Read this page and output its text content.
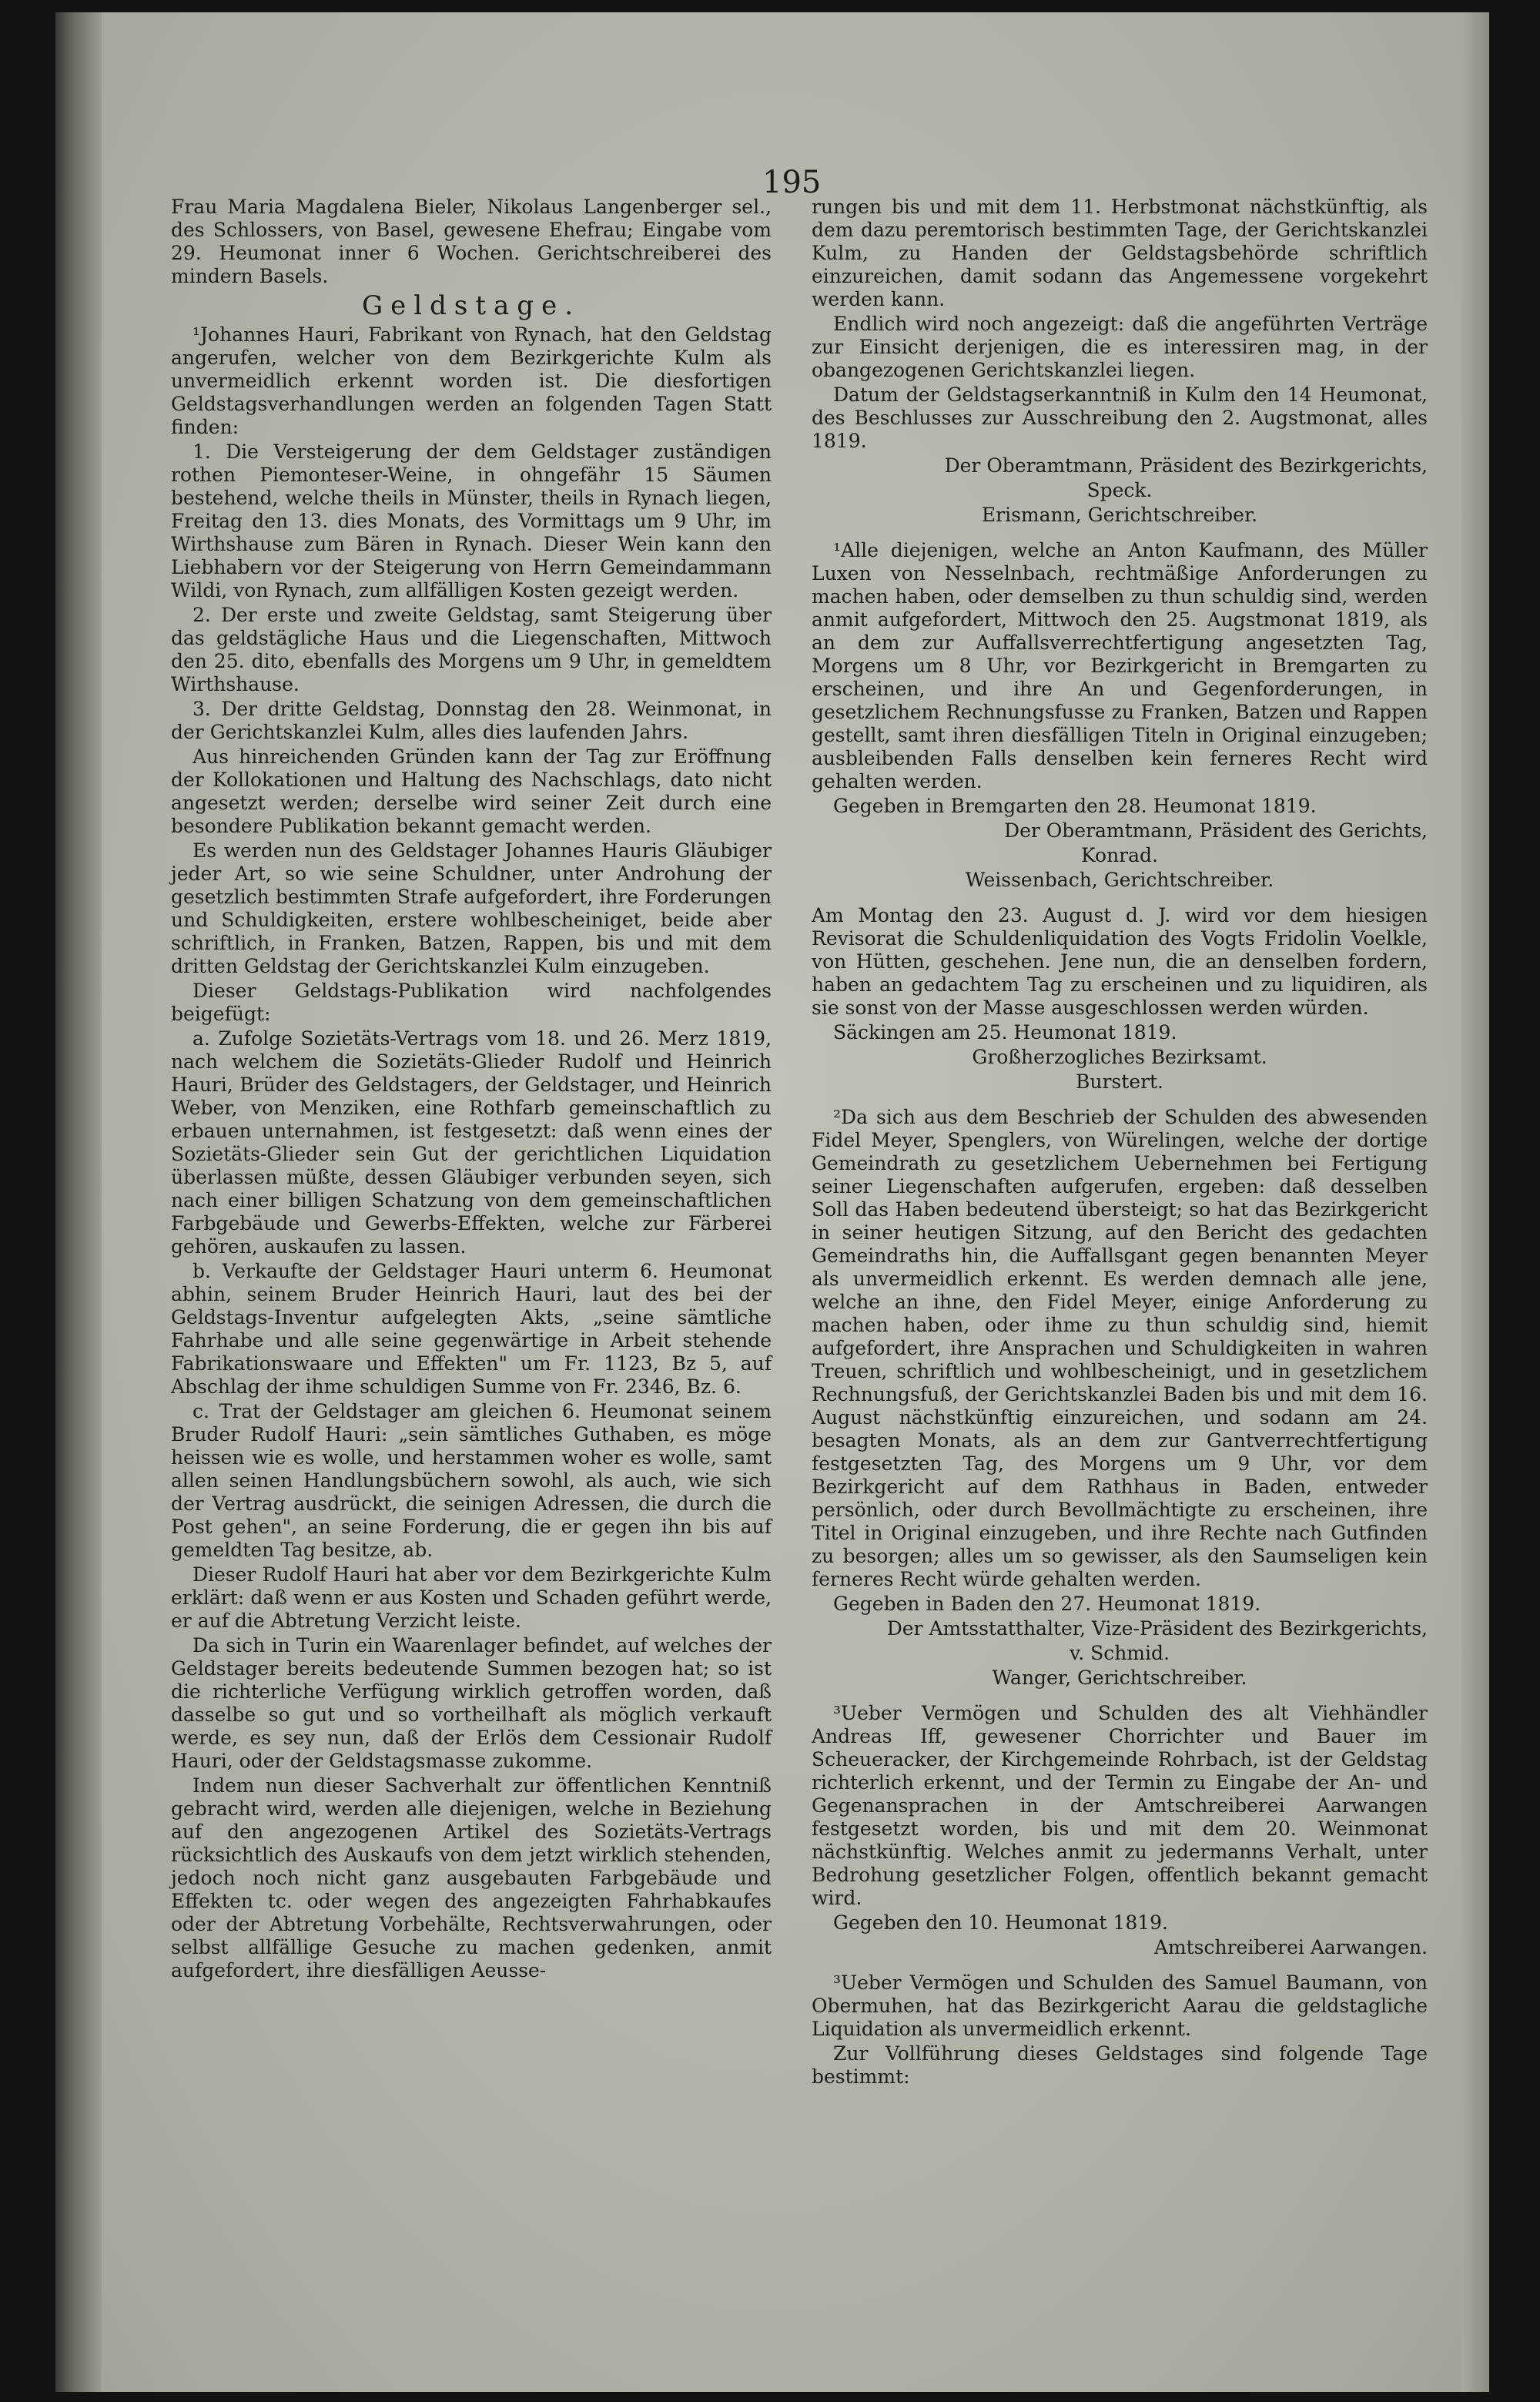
195

Frau Maria Magdalena Bieler, Nikolaus Langenberger sel., des Schlossers, von Basel, gewesene Ehefrau; Eingabe vom 29. Heumonat inner 6 Wochen. Gerichtschreiberei des mindern Basels.

Geldstage.

¹Johannes Hauri, Fabrikant von Rynach, hat den Geldstag angerufen, welcher von dem Bezirkgerichte Kulm als unvermeidlich erkennt worden ist. Die diesfortigen Geldstagsverhandlungen werden an folgenden Tagen Statt finden:

1. Die Versteigerung der dem Geldstager zuständigen rothen Piemonteser-Weine, in ohngefähr 15 Säumen bestehend, welche theils in Münster, theils in Rynach liegen, Freitag den 13. dies Monats, des Vormittags um 9 Uhr, im Wirthshause zum Bären in Rynach. Dieser Wein kann den Liebhabern vor der Steigerung von Herrn Gemeindammann Wildi, von Rynach, zum allfälligen Kosten gezeigt werden.

2. Der erste und zweite Geldstag, samt Steigerung über das geldstägliche Haus und die Liegenschaften, Mittwoch den 25. dito, ebenfalls des Morgens um 9 Uhr, in gemeldtem Wirthshause.

3. Der dritte Geldstag, Donnstag den 28. Weinmonat, in der Gerichtskanzlei Kulm, alles dies laufenden Jahrs.

Aus hinreichenden Gründen kann der Tag zur Eröffnung der Kollokationen und Haltung des Nachschlags, dato nicht angesetzt werden; derselbe wird seiner Zeit durch eine besondere Publikation bekannt gemacht werden.

Es werden nun des Geldstager Johannes Hauris Gläubiger jeder Art, so wie seine Schuldner, unter Androhung der gesetzlich bestimmten Strafe aufgefordert, ihre Forderungen und Schuldigkeiten, erstere wohlbescheiniget, beide aber schriftlich, in Franken, Batzen, Rappen, bis und mit dem dritten Geldstag der Gerichtskanzlei Kulm einzugeben.

Dieser Geldstags-Publikation wird nachfolgendes beigefügt:

a. Zufolge Sozietäts-Vertrags vom 18. und 26. Merz 1819, nach welchem die Sozietäts-Glieder Rudolf und Heinrich Hauri, Brüder des Geldstagers, der Geldstager, und Heinrich Weber, von Menziken, eine Rothfarb gemeinschaftlich zu erbauen unternahmen, ist festgesetzt: daß wenn eines der Sozietäts-Glieder sein Gut der gerichtlichen Liquidation überlassen müßte, dessen Gläubiger verbunden seyen, sich nach einer billigen Schatzung von dem gemeinschaftlichen Farbgebäude und Gewerbs-Effekten, welche zur Färberei gehören, auskaufen zu lassen.

b. Verkaufte der Geldstager Hauri unterm 6. Heumonat abhin, seinem Bruder Heinrich Hauri, laut des bei der Geldstags-Inventur aufgelegten Akts, „seine sämtliche Fahrhabe und alle seine gegenwärtige in Arbeit stehende Fabrikationswaare und Effekten" um Fr. 1123, Bz 5, auf Abschlag der ihme schuldigen Summe von Fr. 2346, Bz. 6.

c. Trat der Geldstager am gleichen 6. Heumonat seinem Bruder Rudolf Hauri: „sein sämtliches Guthaben, es möge heissen wie es wolle, und herstammen woher es wolle, samt allen seinen Handlungsbüchern sowohl, als auch, wie sich der Vertrag ausdrückt, die seinigen Adressen, die durch die Post gehen", an seine Forderung, die er gegen ihn bis auf gemeldten Tag besitze, ab.

Dieser Rudolf Hauri hat aber vor dem Bezirkgerichte Kulm erklärt: daß wenn er aus Kosten und Schaden geführt werde, er auf die Abtretung Verzicht leiste.

Da sich in Turin ein Waarenlager befindet, auf welches der Geldstager bereits bedeutende Summen bezogen hat; so ist die richterliche Verfügung wirklich getroffen worden, daß dasselbe so gut und so vortheilhaft als möglich verkauft werde, es sey nun, daß der Erlös dem Cessionair Rudolf Hauri, oder der Geldstagsmasse zukomme.

Indem nun dieser Sachverhalt zur öffentlichen Kenntniß gebracht wird, werden alle diejenigen, welche in Beziehung auf den angezogenen Artikel des Sozietäts-Vertrags rücksichtlich des Auskaufs von dem jetzt wirklich stehenden, jedoch noch nicht ganz ausgebauten Farbgebäude und Effekten tc. oder wegen des angezeigten Fahrhabkaufes oder der Abtretung Vorbehälte, Rechtsverwahrungen, oder selbst allfällige Gesuche zu machen gedenken, anmit aufgefordert, ihre diesfälligen Aeusse-

rungen bis und mit dem 11. Herbstmonat nächstkünftig, als dem dazu peremtorisch bestimmten Tage, der Gerichtskanzlei Kulm, zu Handen der Geldstagsbehörde schriftlich einzureichen, damit sodann das Angemessene vorgekehrt werden kann.

Endlich wird noch angezeigt: daß die angeführten Verträge zur Einsicht derjenigen, die es interessiren mag, in der obangezogenen Gerichtskanzlei liegen.

Datum der Geldstagserkanntniß in Kulm den 14 Heumonat, des Beschlusses zur Ausschreibung den 2. Augstmonat, alles 1819.

Der Oberamtmann, Präsident des Bezirkgerichts,

Speck.

Erismann, Gerichtschreiber.

¹Alle diejenigen, welche an Anton Kaufmann, des Müller Luxen von Nesselnbach, rechtmäßige Anforderungen zu machen haben, oder demselben zu thun schuldig sind, werden anmit aufgefordert, Mittwoch den 25. Augstmonat 1819, als an dem zur Auffallsverrechtfertigung angesetzten Tag, Morgens um 8 Uhr, vor Bezirkgericht in Bremgarten zu erscheinen, und ihre An und Gegenforderungen, in gesetzlichem Rechnungsfusse zu Franken, Batzen und Rappen gestellt, samt ihren diesfälligen Titeln in Original einzugeben; ausbleibenden Falls denselben kein ferneres Recht wird gehalten werden.

Gegeben in Bremgarten den 28. Heumonat 1819.

Der Oberamtmann, Präsident des Gerichts,

Konrad.

Weissenbach, Gerichtschreiber.

Am Montag den 23. August d. J. wird vor dem hiesigen Revisorat die Schuldenliquidation des Vogts Fridolin Voelkle, von Hütten, geschehen. Jene nun, die an denselben fordern, haben an gedachtem Tag zu erscheinen und zu liquidiren, als sie sonst von der Masse ausgeschlossen werden würden.

Säckingen am 25. Heumonat 1819.

Großherzogliches Bezirksamt.

Burstert.

²Da sich aus dem Beschrieb der Schulden des abwesenden Fidel Meyer, Spenglers, von Würelingen, welche der dortige Gemeindrath zu gesetzlichem Uebernehmen bei Fertigung seiner Liegenschaften aufgerufen, ergeben: daß desselben Soll das Haben bedeutend übersteigt; so hat das Bezirkgericht in seiner heutigen Sitzung, auf den Bericht des gedachten Gemeindraths hin, die Auffallsgant gegen benannten Meyer als unvermeidlich erkennt. Es werden demnach alle jene, welche an ihne, den Fidel Meyer, einige Anforderung zu machen haben, oder ihme zu thun schuldig sind, hiemit aufgefordert, ihre Ansprachen und Schuldigkeiten in wahren Treuen, schriftlich und wohlbescheinigt, und in gesetzlichem Rechnungsfuß, der Gerichtskanzlei Baden bis und mit dem 16. August nächstkünftig einzureichen, und sodann am 24. besagten Monats, als an dem zur Gantverrechtfertigung festgesetzten Tag, des Morgens um 9 Uhr, vor dem Bezirkgericht auf dem Rathhaus in Baden, entweder persönlich, oder durch Bevollmächtigte zu erscheinen, ihre Titel in Original einzugeben, und ihre Rechte nach Gutfinden zu besorgen; alles um so gewisser, als den Saumseligen kein ferneres Recht würde gehalten werden.

Gegeben in Baden den 27. Heumonat 1819.

Der Amtsstatthalter, Vize-Präsident des Bezirkgerichts,

v. Schmid.

Wanger, Gerichtschreiber.

³Ueber Vermögen und Schulden des alt Viehhändler Andreas Iff, gewesener Chorrichter und Bauer im Scheueracker, der Kirchgemeinde Rohrbach, ist der Geldstag richterlich erkennt, und der Termin zu Eingabe der An- und Gegenansprachen in der Amtschreiberei Aarwangen festgesetzt worden, bis und mit dem 20. Weinmonat nächstkünftig. Welches anmit zu jedermanns Verhalt, unter Bedrohung gesetzlicher Folgen, offentlich bekannt gemacht wird.

Gegeben den 10. Heumonat 1819.

Amtschreiberei Aarwangen.

³Ueber Vermögen und Schulden des Samuel Baumann, von Obermuhen, hat das Bezirkgericht Aarau die geldstagliche Liquidation als unvermeidlich erkennt.

Zur Vollführung dieses Geldstages sind folgende Tage bestimmt:
